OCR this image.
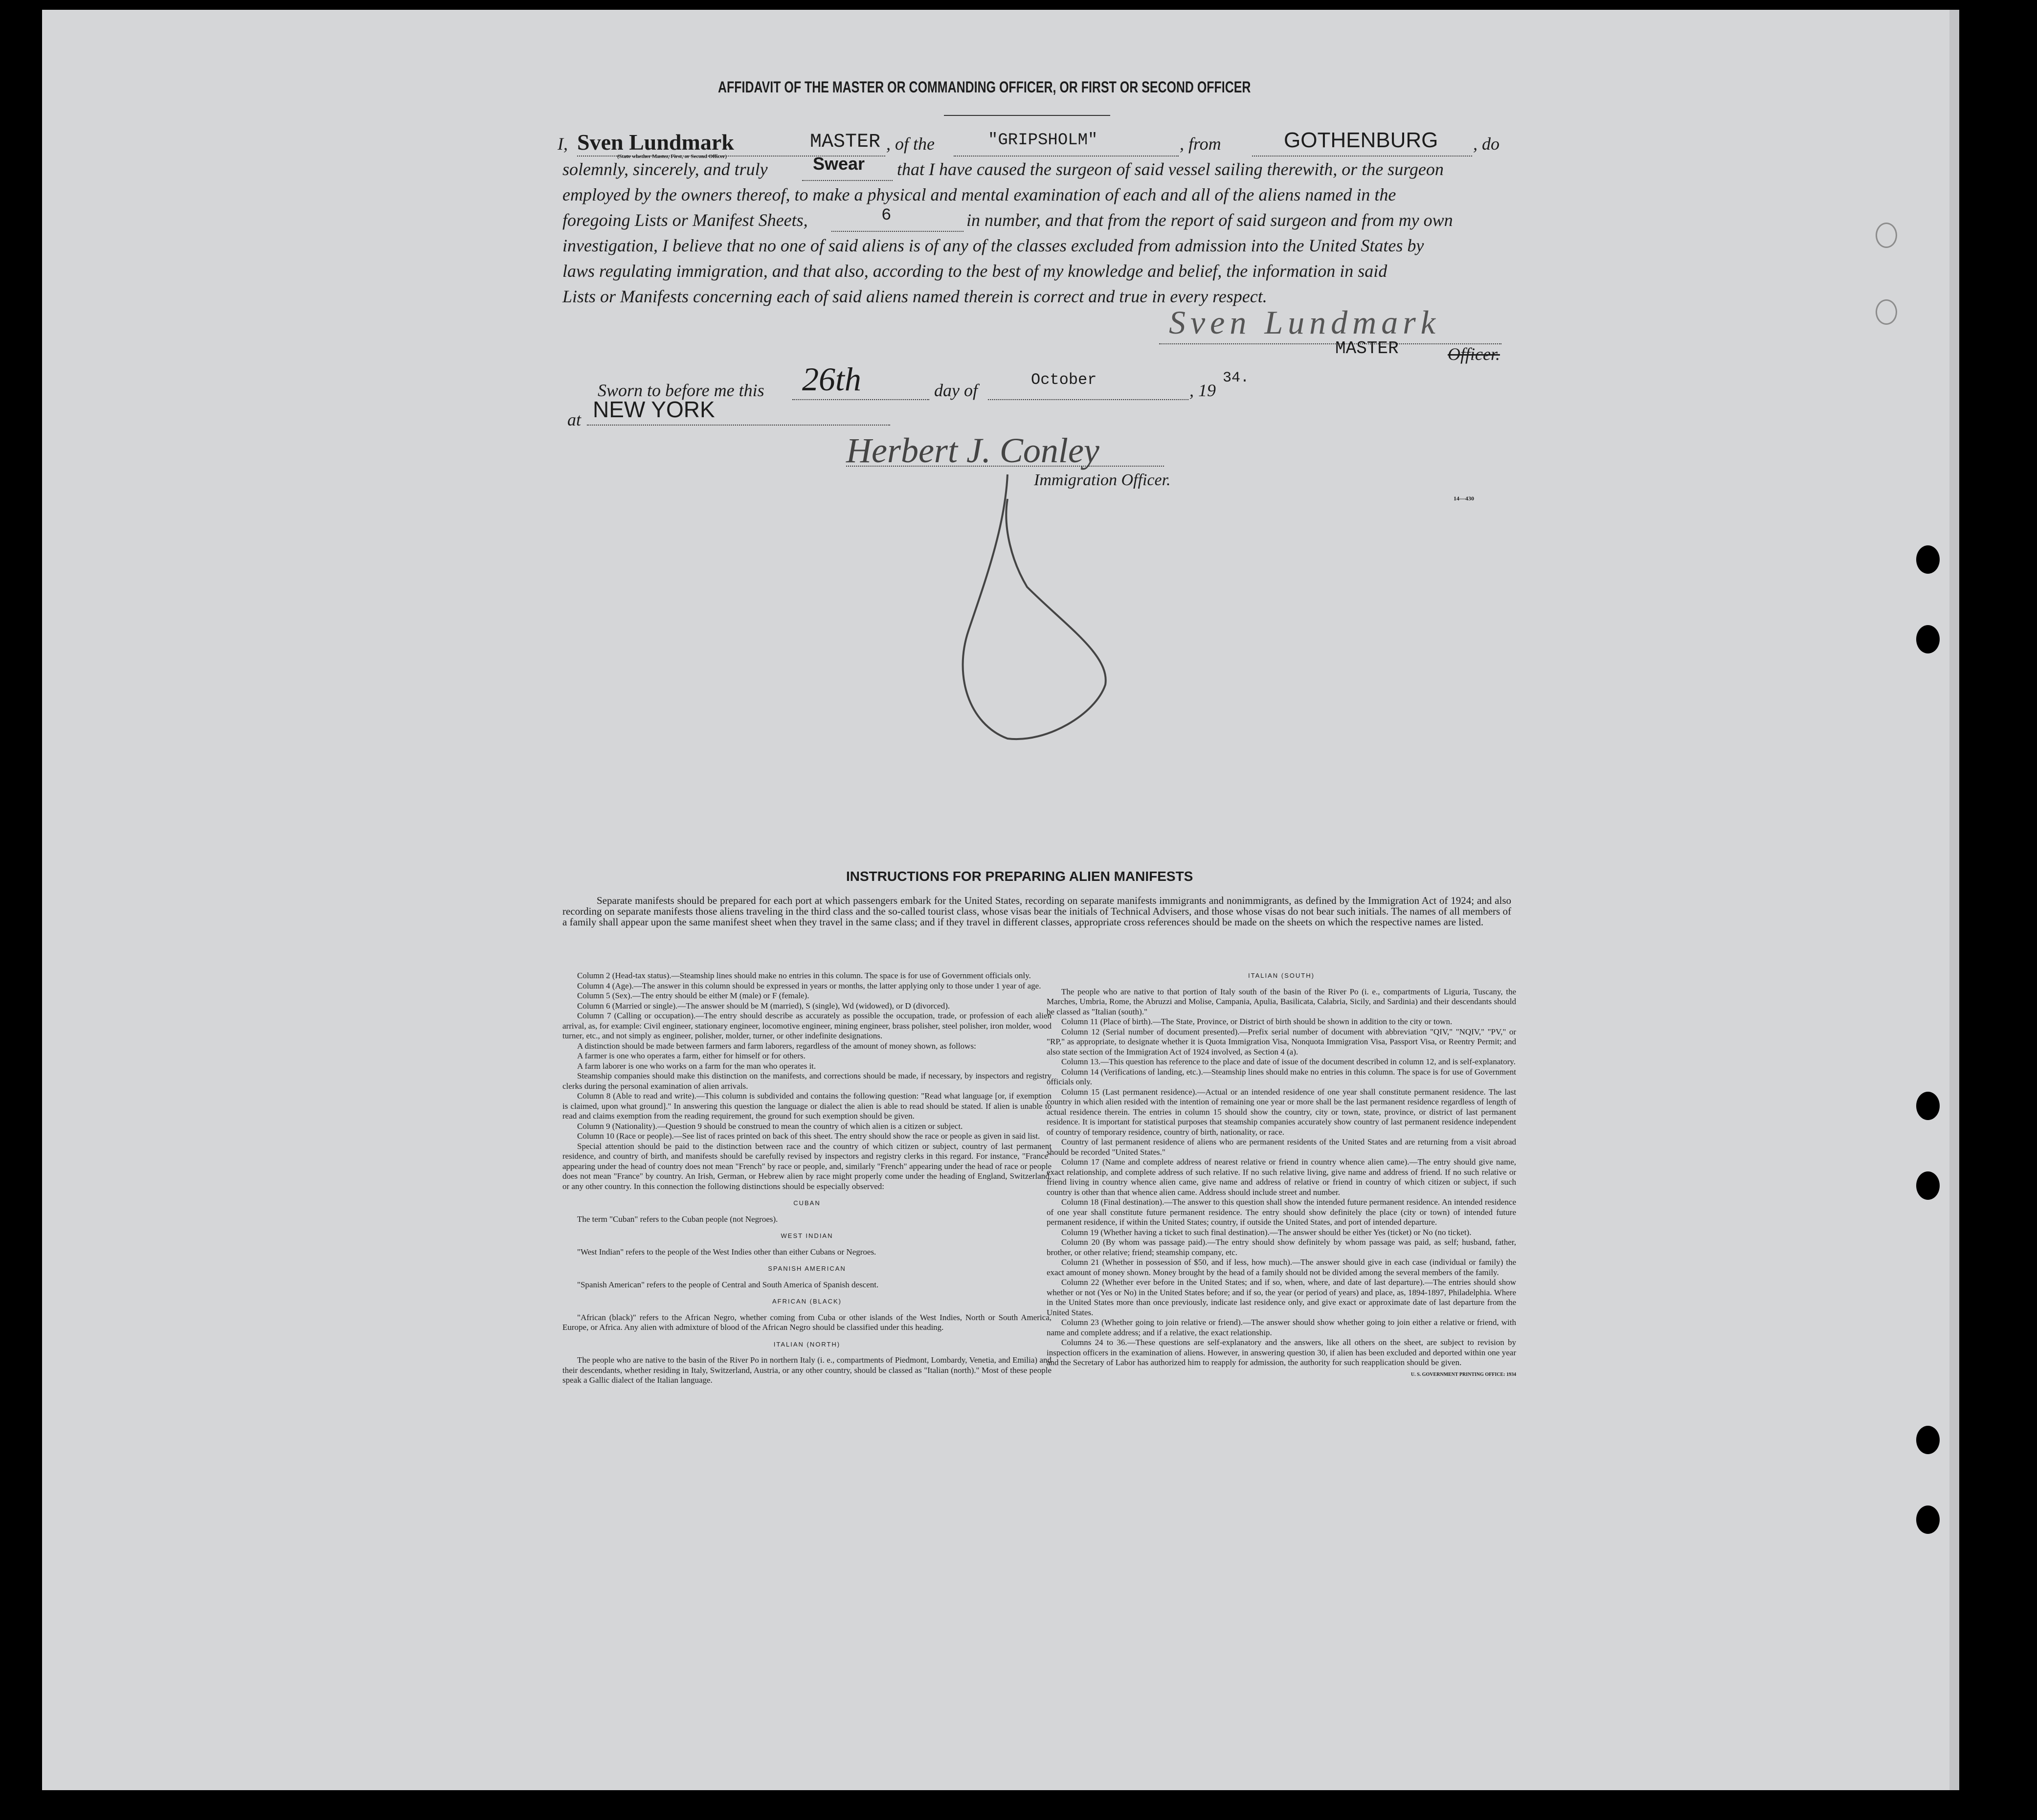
AFFIDAVIT OF THE MASTER OR COMMANDING OFFICER, OR FIRST OR SECOND OFFICER
I, Sven Lundmark	MASTER
(State whether Master, First, or Second Officer)
, of the	"GRIPSHOLM"	, from	GOTHENBURG , do
solemnly, sincerely, and truly	Swear that I have caused the surgeon of said vessel sailing therewith, or the surgeon
employed by the owners thereof, to make a physical and mental examination of each and all of the aliens named in the
foregoing Lists or Manifest Sheets,	6	in number, and that from the report of said surgeon and from my own
investigation, I believe that no one of said aliens is of any of the classes excluded from admission into the United States by
laws regulating immigration, and that also, according to the best of my knowledge and belief, the information in said
Lists or Manifests concerning each of said aliens named therein is correct and true in every respect.
Sven Lundmark
MASTER	Officer.
Sworn to before me this 26th	day of
October
, 19
34.
at NEW YORK
Herbert J. Conley
Immigration Officer.
14—430
INSTRUCTIONS FOR PREPARING ALIEN MANIFESTS
Separate manifests should be prepared for each port at which passengers embark for the United States, recording on separate manifests immigrants and nonimmigrants, as defined by the Immigration Act of 1924; and also recording on separate manifests those aliens traveling in the third class and the so-called tourist class, whose visas bear the initials of Technical Advisers, and those whose visas do not bear such initials. The names of all members of a family shall appear upon the same manifest sheet when they travel in the same class; and if they travel in different classes, appropriate cross references should be made on the sheets on which the respective names are listed.

Column 2 (Head-tax status).—Steamship lines should make no entries in this column. The space is for use of Government officials only.

Column 4 (Age).—The answer in this column should be expressed in years or months, the latter applying only to those under 1 year of age.

Column 5 (Sex).—The entry should be either M (male) or F (female).

Column 6 (Married or single).—The answer should be M (married), S (single), Wd (widowed), or D (divorced).

Column 7 (Calling or occupation).—The entry should describe as accurately as possible the occupation, trade, or profession of each alien arrival, as, for example: Civil engineer, stationary engineer, locomotive engineer, mining engineer, brass polisher, steel polisher, iron molder, wood turner, etc., and not simply as engineer, polisher, molder, turner, or other indefinite designations.

A distinction should be made between farmers and farm laborers, regardless of the amount of money shown, as follows:

A farmer is one who operates a farm, either for himself or for others.

A farm laborer is one who works on a farm for the man who operates it.

Steamship companies should make this distinction on the manifests, and corrections should be made, if necessary, by inspectors and registry clerks during the personal examination of alien arrivals.

Column 8 (Able to read and write).—This column is subdivided and contains the following question: "Read what language [or, if exemption is claimed, upon what ground]." In answering this question the language or dialect the alien is able to read should be stated. If alien is unable to read and claims exemption from the reading requirement, the ground for such exemption should be given.

Column 9 (Nationality).—Question 9 should be construed to mean the country of which alien is a citizen or subject.

Column 10 (Race or people).—See list of races printed on back of this sheet. The entry should show the race or people as given in said list.

Special attention should be paid to the distinction between race and the country of which citizen or subject, country of last permanent residence, and country of birth, and manifests should be carefully revised by inspectors and registry clerks in this regard. For instance, "France" appearing under the head of country does not mean "French" by race or people, and, similarly "French" appearing under the head of race or people does not mean "France" by country. An Irish, German, or Hebrew alien by race might properly come under the heading of England, Switzerland, or any other country. In this connection the following distinctions should be especially observed:

CUBAN

The term "Cuban" refers to the Cuban people (not Negroes).

WEST INDIAN

"West Indian" refers to the people of the West Indies other than either Cubans or Negroes.

SPANISH AMERICAN

"Spanish American" refers to the people of Central and South America of Spanish descent.

AFRICAN (BLACK)

"African (black)" refers to the African Negro, whether coming from Cuba or other islands of the West Indies, North or South America, Europe, or Africa. Any alien with admixture of blood of the African Negro should be classified under this heading.

ITALIAN (NORTH)

The people who are native to the basin of the River Po in northern Italy (i. e., compartments of Piedmont, Lombardy, Venetia, and Emilia) and their descendants, whether residing in Italy, Switzerland, Austria, or any other country, should be classed as "Italian (north)." Most of these people speak a Gallic dialect of the Italian language.

ITALIAN (SOUTH)

The people who are native to that portion of Italy south of the basin of the River Po (i. e., compartments of Liguria, Tuscany, the Marches, Umbria, Rome, the Abruzzi and Molise, Campania, Apulia, Basilicata, Calabria, Sicily, and Sardinia) and their descendants should be classed as "Italian (south)."

Column 11 (Place of birth).—The State, Province, or District of birth should be shown in addition to the city or town.

Column 12 (Serial number of document presented).—Prefix serial number of document with abbreviation "QIV," "NQIV," "PV," or "RP," as appropriate, to designate whether it is Quota Immigration Visa, Nonquota Immigration Visa, Passport Visa, or Reentry Permit; and also state section of the Immigration Act of 1924 involved, as Section 4 (a).

Column 13.—This question has reference to the place and date of issue of the document described in column 12, and is self-explanatory.

Column 14 (Verifications of landing, etc.).—Steamship lines should make no entries in this column. The space is for use of Government officials only.

Column 15 (Last permanent residence).—Actual or an intended residence of one year shall constitute permanent residence. The last country in which alien resided with the intention of remaining one year or more shall be the last permanent residence regardless of length of actual residence therein. The entries in column 15 should show the country, city or town, state, province, or district of last permanent residence. It is important for statistical purposes that steamship companies accurately show country of last permanent residence independent of country of temporary residence, country of birth, nationality, or race.

Country of last permanent residence of aliens who are permanent residents of the United States and are returning from a visit abroad should be recorded "United States."

Column 17 (Name and complete address of nearest relative or friend in country whence alien came).—The entry should give name, exact relationship, and complete address of such relative. If no such relative living, give name and address of friend. If no such relative or friend living in country whence alien came, give name and address of relative or friend in country of which citizen or subject, if such country is other than that whence alien came. Address should include street and number.

Column 18 (Final destination).—The answer to this question shall show the intended future permanent residence. An intended residence of one year shall constitute future permanent residence. The entry should show definitely the place (city or town) of intended future permanent residence, if within the United States; country, if outside the United States, and port of intended departure.

Column 19 (Whether having a ticket to such final destination).—The answer should be either Yes (ticket) or No (no ticket).

Column 20 (By whom was passage paid).—The entry should show definitely by whom passage was paid, as self; husband, father, brother, or other relative; friend; steamship company, etc.

Column 21 (Whether in possession of $50, and if less, how much).—The answer should give in each case (individual or family) the exact amount of money shown. Money brought by the head of a family should not be divided among the several members of the family.

Column 22 (Whether ever before in the United States; and if so, when, where, and date of last departure).—The entries should show whether or not (Yes or No) in the United States before; and if so, the year (or period of years) and place, as, 1894-1897, Philadelphia. Where in the United States more than once previously, indicate last residence only, and give exact or approximate date of last departure from the United States.

Column 23 (Whether going to join relative or friend).—The answer should show whether going to join either a relative or friend, with name and complete address; and if a relative, the exact relationship.

Columns 24 to 36.—These questions are self-explanatory and the answers, like all others on the sheet, are subject to revision by inspection officers in the examination of aliens. However, in answering question 30, if alien has been excluded and deported within one year and the Secretary of Labor has authorized him to reapply for admission, the authority for such reapplication should be given.

U. S. GOVERNMENT PRINTING OFFICE: 1934
